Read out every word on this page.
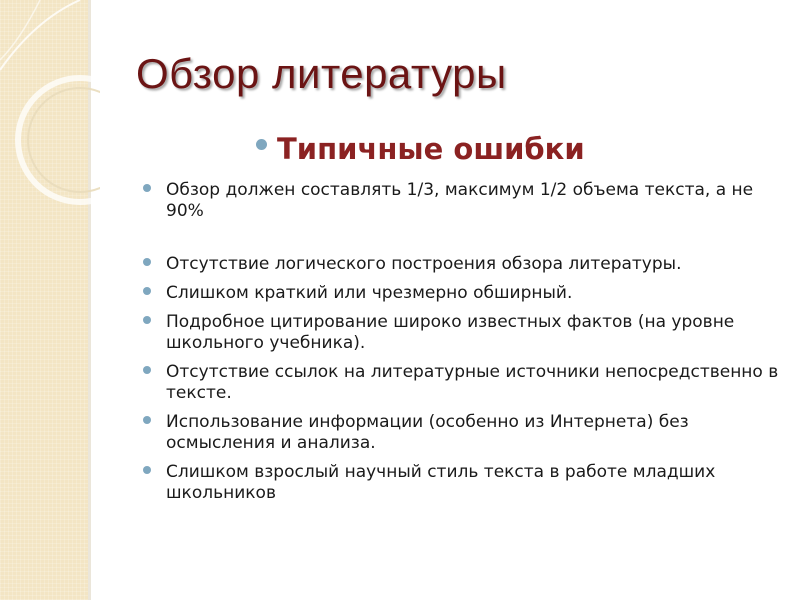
Обзор литературы
Типичные ошибки
Обзор должен составлять 1/3, максимум 1/2 объема текста, а не 90%
Отсутствие логического построения обзора литературы.
Слишком краткий или чрезмерно обширный.
Подробное цитирование широко известных фактов (на уровне школьного учебника).
Отсутствие ссылок на литературные источники непосредственно в тексте.
Использование информации (особенно из Интернета) без осмысления и анализа.
Слишком взрослый научный стиль текста в работе младших школьников
